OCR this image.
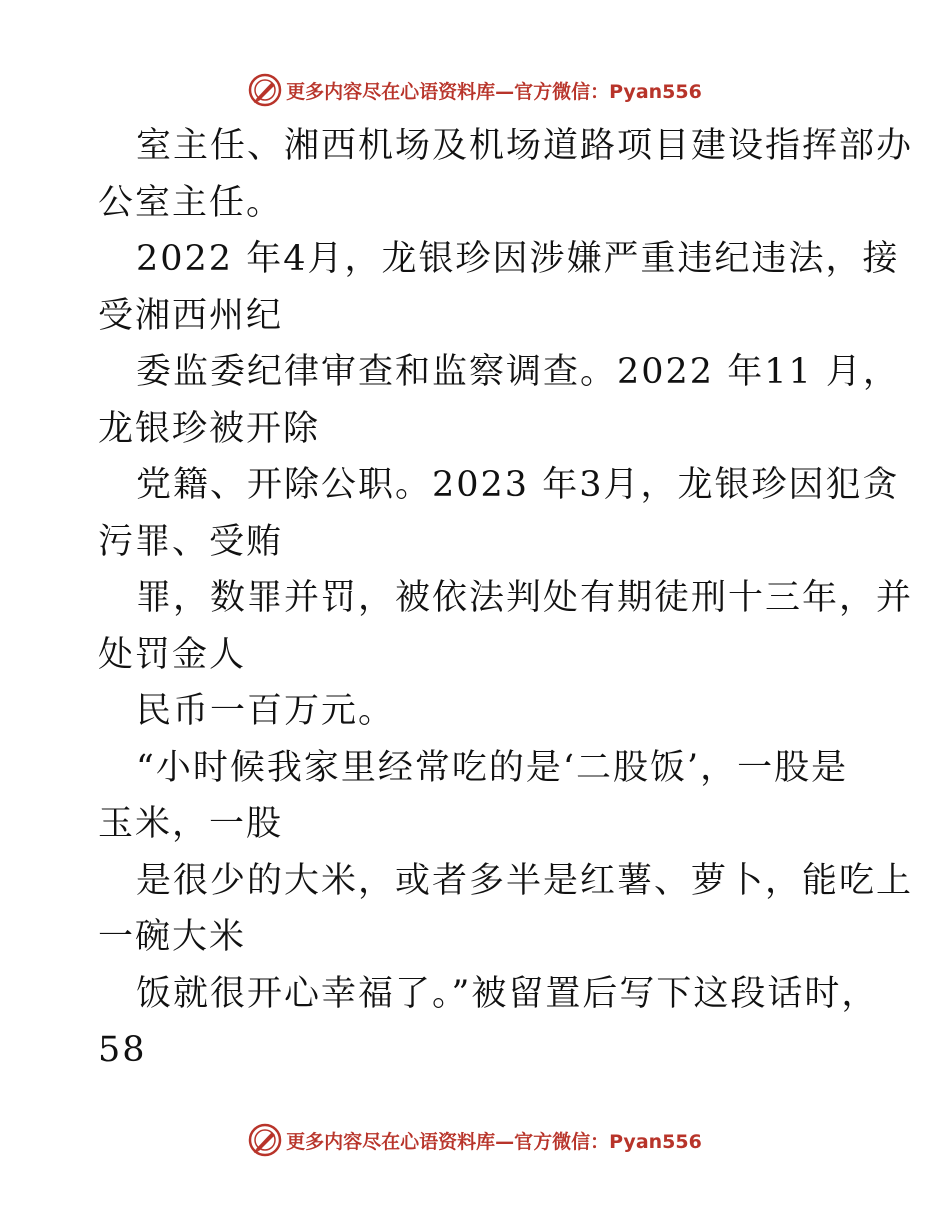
更多内容尽在心语资料库—官方微信：Pyan556
室主任、湘西机场及机场道路项目建设指挥部办
公室主任。
2022 年4月，龙银珍因涉嫌严重违纪违法，接
受湘西州纪
委监委纪律审查和监察调查。2022 年11 月，
龙银珍被开除
党籍、开除公职。2023 年3月，龙银珍因犯贪
污罪、受贿
罪，数罪并罚，被依法判处有期徒刑十三年，并
处罚金人
民币一百万元。
“小时候我家里经常吃的是‘二股饭’，一股是
玉米，一股
是很少的大米，或者多半是红薯、萝卜，能吃上
一碗大米
饭就很开心幸福了。”被留置后写下这段话时，
58
更多内容尽在心语资料库—官方微信：Pyan556
